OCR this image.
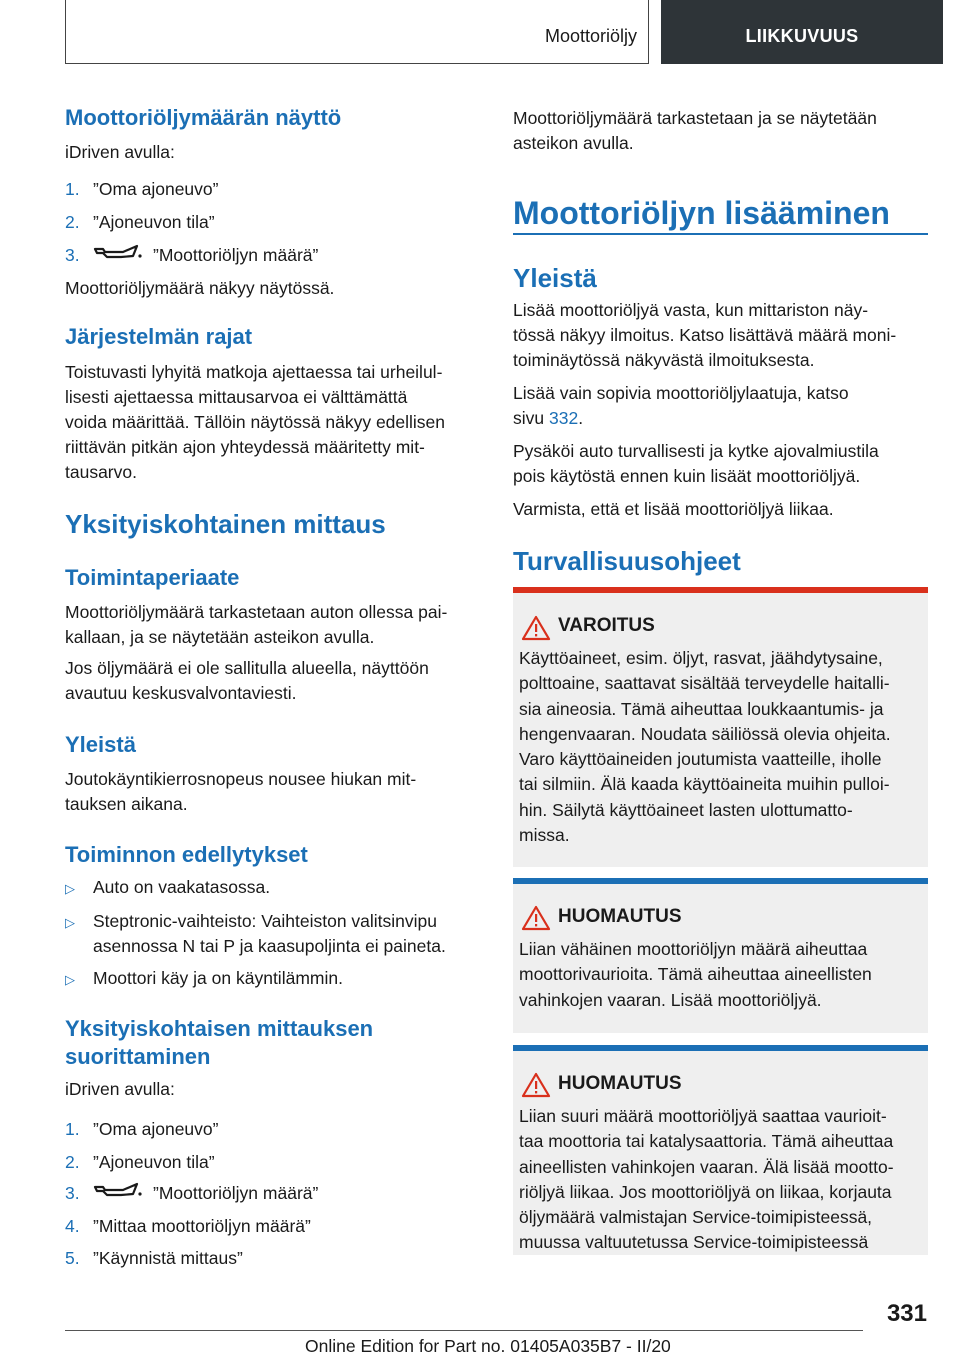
Moottoriöljy	LIIKKUVUUS
Moottoriöljymäärän näyttö
iDriven avulla:
1. ”Oma ajoneuvo”
2. ”Ajoneuvon tila”
3.	”Moottoriöljyn määrä”
Moottoriöljymäärä näkyy näytössä.
Järjestelmän rajat
Toistuvasti lyhyitä matkoja ajettaessa tai urheilul-
lisesti ajettaessa mittausarvoa ei välttämättä
voida määrittää. Tällöin näytössä näkyy edellisen
riittävän pitkän ajon yhteydessä määritetty mit-
tausarvo.
Yksityiskohtainen mittaus
Toimintaperiaate
Moottoriöljymäärä tarkastetaan auton ollessa pai-
kallaan, ja se näytetään asteikon avulla.
Jos öljymäärä ei ole sallitulla alueella, näyttöön
avautuu keskusvalvontaviesti.
Yleistä
Joutokäyntikierrosnopeus nousee hiukan mit-
tauksen aikana.
Toiminnon edellytykset
▷ Auto on vaakatasossa.
▷ Steptronic-vaihteisto: Vaihteiston valitsinvipu
asennossa N tai P ja kaasupoljinta ei paineta.
▷ Moottori käy ja on käyntilämmin.
Yksityiskohtaisen mittauksen
suorittaminen
iDriven avulla:
1. ”Oma ajoneuvo”
2. ”Ajoneuvon tila”
3.	”Moottoriöljyn määrä”
4. ”Mittaa moottoriöljyn määrä”
5. ”Käynnistä mittaus”
Moottoriöljymäärä tarkastetaan ja se näytetään
asteikon avulla.
Moottoriöljyn lisääminen
Yleistä
Lisää moottoriöljyä vasta, kun mittariston näy-
tössä näkyy ilmoitus. Katso lisättävä määrä moni-
toiminäytössä näkyvästä ilmoituksesta.
Lisää vain sopivia moottoriöljylaatuja, katso
sivu 332.
Pysäköi auto turvallisesti ja kytke ajovalmiustila
pois käytöstä ennen kuin lisäät moottoriöljyä.
Varmista, että et lisää moottoriöljyä liikaa.
Turvallisuusohjeet
VAROITUS
Käyttöaineet, esim. öljyt, rasvat, jäähdytysaine,
polttoaine, saattavat sisältää terveydelle haitalli-
sia aineosia. Tämä aiheuttaa loukkaantumis- ja
hengenvaaran. Noudata säiliössä olevia ohjeita.
Varo käyttöaineiden joutumista vaatteille, iholle
tai silmiin. Älä kaada käyttöaineita muihin pulloi-
hin. Säilytä käyttöaineet lasten ulottumatto-
missa.
HUOMAUTUS
Liian vähäinen moottoriöljyn määrä aiheuttaa
moottorivaurioita. Tämä aiheuttaa aineellisten
vahinkojen vaaran. Lisää moottoriöljyä.
HUOMAUTUS
Liian suuri määrä moottoriöljyä saattaa vaurioit-
taa moottoria tai katalysaattoria. Tämä aiheuttaa
aineellisten vahinkojen vaaran. Älä lisää mootto-
riöljyä liikaa. Jos moottoriöljyä on liikaa, korjauta
öljymäärä valmistajan Service-toimipisteessä,
muussa valtuutetussa Service-toimipisteessä
331
Online Edition for Part no. 01405A035B7 - II/20
